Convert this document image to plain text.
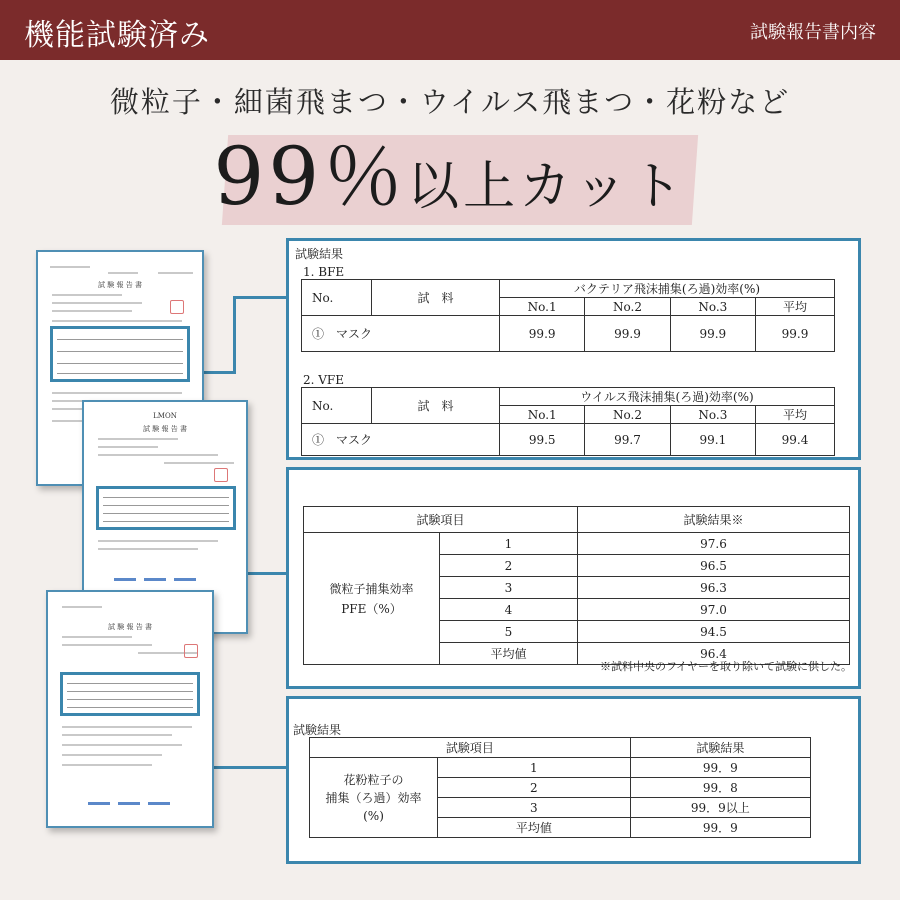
機能試験済み	試験報告書内容
微粒子・細菌飛まつ・ウイルス飛まつ・花粉など
99％以上カット
試 験 報 告 書
LMON
試 験 報 告 書
試 験 報 告 書
試験結果
1. BFE
No.	試　料	バクテリア飛沫捕集(ろ過)効率(%)			
		No.1	No.2	No.3	平均
①　マスク		99.9	99.9	99.9	99.9
2. VFE
No.	試　料	ウイルス飛沫捕集(ろ過)効率(%)			
		No.1	No.2	No.3	平均
①　マスク		99.5	99.7	99.1	99.4
試験項目		試験結果※

微粒子捕集効率
PFE（%）	1	97.6
	2	96.5
	3	96.3
	4	97.0
	5	94.5
	平均値	96.4
※試料中央のフイヤーを取り除いて試験に供した。
試験結果
試験項目		試験結果

花粉粒子の
捕集（ろ過）効率
(%)	1	99．9
	2	99．8
	3	99．9以上
	平均値	99．9
